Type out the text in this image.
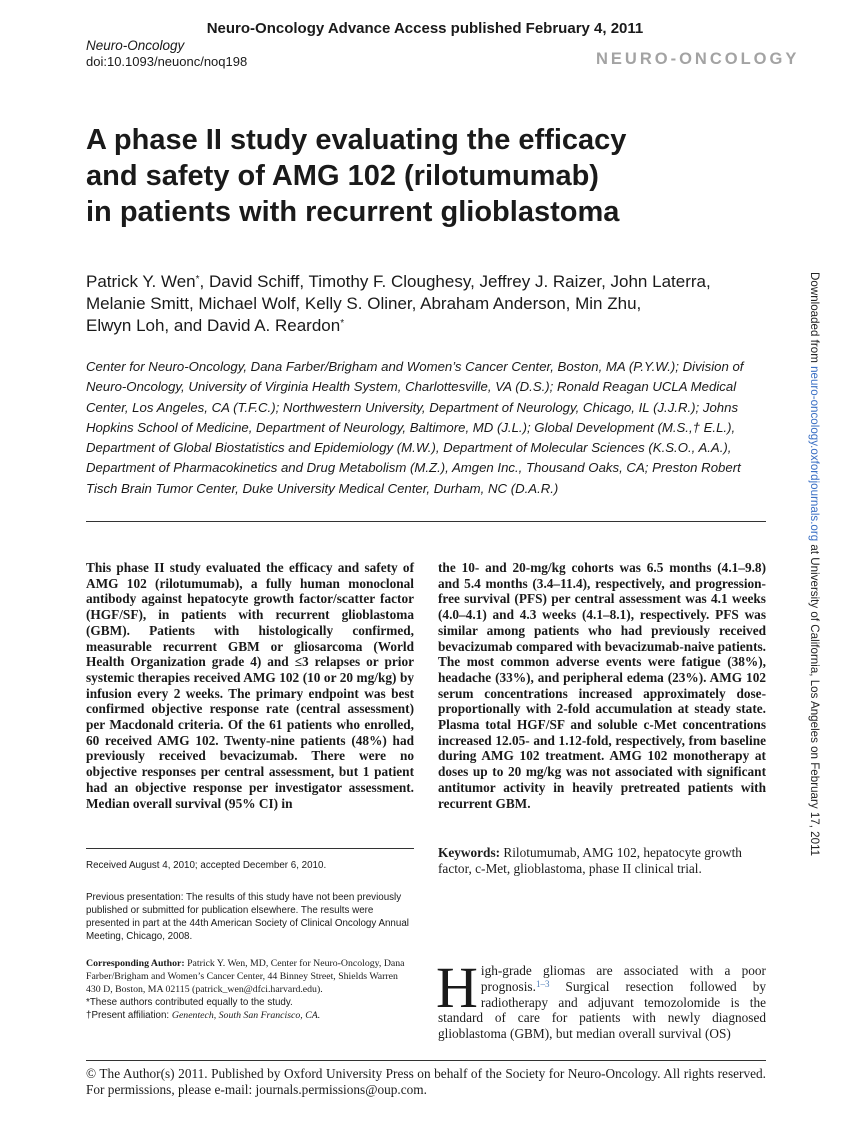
Neuro-Oncology Advance Access published February 4, 2011
Neuro-Oncology
doi:10.1093/neuonc/noq198	NEURO-ONCOLOGY
A phase II study evaluating the efficacy
and safety of AMG 102 (rilotumumab)
in patients with recurrent glioblastoma
Patrick Y. Wen*, David Schiff, Timothy F. Cloughesy, Jeffrey J. Raizer, John Laterra,
Melanie Smitt, Michael Wolf, Kelly S. Oliner, Abraham Anderson, Min Zhu,
Elwyn Loh, and David A. Reardon*
Center for Neuro-Oncology, Dana Farber/Brigham and Women’s Cancer Center, Boston, MA (P.Y.W.); Division of
Neuro-Oncology, University of Virginia Health System, Charlottesville, VA (D.S.); Ronald Reagan UCLA Medical
Center, Los Angeles, CA (T.F.C.); Northwestern University, Department of Neurology, Chicago, IL (J.J.R.); Johns
Hopkins School of Medicine, Department of Neurology, Baltimore, MD (J.L.); Global Development (M.S.,† E.L.),
Department of Global Biostatistics and Epidemiology (M.W.), Department of Molecular Sciences (K.S.O., A.A.),
Department of Pharmacokinetics and Drug Metabolism (M.Z.), Amgen Inc., Thousand Oaks, CA; Preston Robert
Tisch Brain Tumor Center, Duke University Medical Center, Durham, NC (D.A.R.)
This phase II study evaluated the efficacy and safety of AMG 102 (rilotumumab), a fully human monoclonal antibody against hepatocyte growth factor/scatter factor (HGF/SF), in patients with recurrent glioblastoma (GBM). Patients with histologically confirmed, measurable recurrent GBM or gliosarcoma (World Health Organization grade 4) and ≤3 relapses or prior systemic therapies received AMG 102 (10 or 20 mg/kg) by infusion every 2 weeks. The primary endpoint was best confirmed objective response rate (central assessment) per Macdonald criteria. Of the 61 patients who enrolled, 60 received AMG 102. Twenty-nine patients (48%) had previously received bevacizumab. There were no objective responses per central assessment, but 1 patient had an objective response per investigator assessment. Median overall survival (95% CI) in
the 10- and 20-mg/kg cohorts was 6.5 months (4.1–9.8) and 5.4 months (3.4–11.4), respectively, and progression-free survival (PFS) per central assessment was 4.1 weeks (4.0–4.1) and 4.3 weeks (4.1–8.1), respectively. PFS was similar among patients who had previously received bevacizumab compared with bevacizumab-naive patients. The most common adverse events were fatigue (38%), headache (33%), and peripheral edema (23%). AMG 102 serum concentrations increased approximately dose-proportionally with 2-fold accumulation at steady state. Plasma total HGF/SF and soluble c-Met concentrations increased 12.05- and 1.12-fold, respectively, from baseline during AMG 102 treatment. AMG 102 monotherapy at doses up to 20 mg/kg was not associated with significant antitumor activity in heavily pretreated patients with recurrent GBM.
Keywords: Rilotumumab, AMG 102, hepatocyte growth factor, c-Met, glioblastoma, phase II clinical trial.
Received August 4, 2010; accepted December 6, 2010.
Previous presentation: The results of this study have not been previously published or submitted for publication elsewhere. The results were presented in part at the 44th American Society of Clinical Oncology Annual Meeting, Chicago, 2008.
Corresponding Author: Patrick Y. Wen, MD, Center for Neuro-Oncology, Dana Farber/Brigham and Women’s Cancer Center, 44 Binney Street, Shields Warren 430 D, Boston, MA 02115 (patrick_wen@dfci.harvard.edu).
*These authors contributed equally to the study.
†Present affiliation: Genentech, South San Francisco, CA.	High-grade gliomas are associated with a poor prognosis.$^{1-3}$ Surgical resection followed by radiotherapy and adjuvant temozolomide is the standard of care for patients with newly diagnosed glioblastoma (GBM), but median overall survival (OS)
© The Author(s) 2011. Published by Oxford University Press on behalf of the Society for Neuro-Oncology. All rights reserved. For permissions, please e-mail: journals.permissions@oup.com.
Downloaded from neuro-oncology.oxfordjournals.org at University of California, Los Angeles on February 17, 2011
